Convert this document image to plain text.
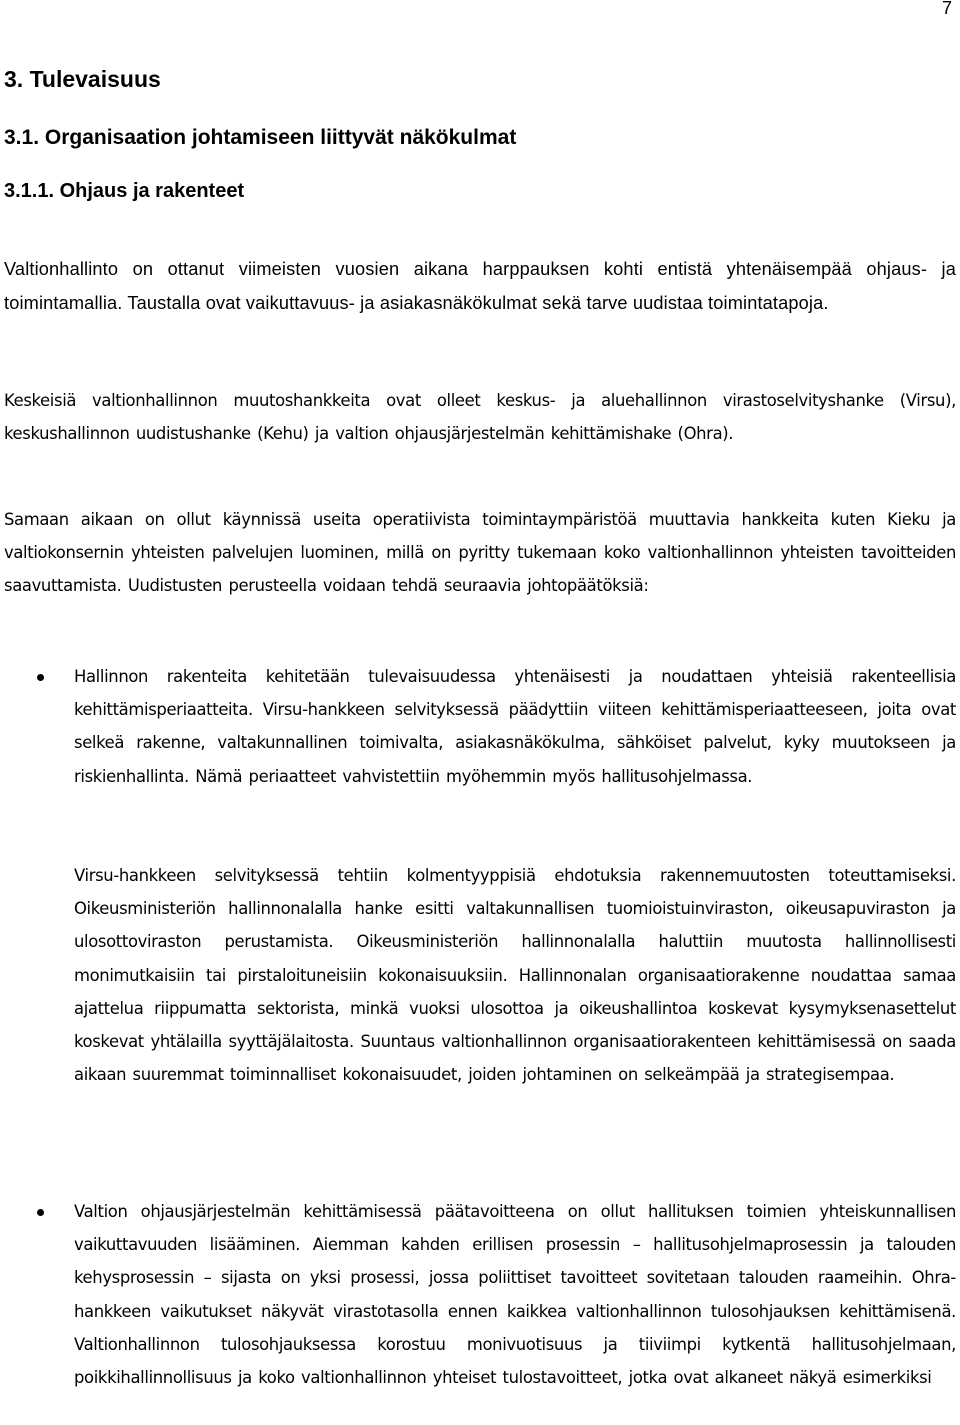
7
3. Tulevaisuus
3.1. Organisaation johtamiseen liittyvät näkökulmat
3.1.1. Ohjaus ja rakenteet

Valtionhallinto on ottanut viimeisten vuosien aikana harppauksen kohti entistä yhtenäisempää ohjaus- ja toimintamallia. Taustalla ovat vaikuttavuus- ja asiakasnäkökulmat sekä tarve uudistaa toimintatapoja.

Keskeisiä valtionhallinnon muutoshankkeita ovat olleet keskus- ja aluehallinnon virastoselvityshanke (Virsu), keskushallinnon uudistushanke (Kehu) ja valtion ohjausjärjestelmän kehittämishake (Ohra).

Samaan aikaan on ollut käynnissä useita operatiivista toimintaympäristöä muuttavia hankkeita kuten Kieku ja valtiokonsernin yhteisten palvelujen luominen, millä on pyritty tukemaan koko valtionhallinnon yhteisten tavoitteiden saavuttamista. Uudistusten perusteella voidaan tehdä seuraavia johtopäätöksiä:

Hallinnon rakenteita kehitetään tulevaisuudessa yhtenäisesti ja noudattaen yhteisiä rakenteellisia kehittämisperiaatteita. Virsu-hankkeen selvityksessä päädyttiin viiteen kehittämisperiaatteeseen, joita ovat selkeä rakenne, valtakunnallinen toimivalta, asiakasnäkökulma, sähköiset palvelut, kyky muutokseen ja riskienhallinta. Nämä periaatteet vahvistettiin myöhemmin myös hallitusohjelmassa.

Virsu-hankkeen selvityksessä tehtiin kolmentyyppisiä ehdotuksia rakennemuutosten toteuttamiseksi. Oikeusministeriön hallinnonalalla hanke esitti valtakunnallisen tuomioistuinviraston, oikeusapuviraston ja ulosottoviraston perustamista. Oikeusministeriön hallinnonalalla haluttiin muutosta hallinnollisesti monimutkaisiin tai pirstaloituneisiin kokonaisuuksiin. Hallinnonalan organisaatiorakenne noudattaa samaa ajattelua riippumatta sektorista, minkä vuoksi ulosottoa ja oikeushallintoa koskevat kysymyksenasettelut koskevat yhtälailla syyttäjälaitosta. Suuntaus valtionhallinnon organisaatiorakenteen kehittämisessä on saada aikaan suuremmat toiminnalliset kokonaisuudet, joiden johtaminen on selkeämpää ja strategisempaa.

Valtion ohjausjärjestelmän kehittämisessä päätavoitteena on ollut hallituksen toimien yhteiskunnallisen vaikuttavuuden lisääminen. Aiemman kahden erillisen prosessin – hallitusohjelmaprosessin ja talouden kehysprosessin – sijasta on yksi prosessi, jossa poliittiset tavoitteet sovitetaan talouden raameihin. Ohra-hankkeen vaikutukset näkyvät virastotasolla ennen kaikkea valtionhallinnon tulosohjauksen kehittämisenä. Valtionhallinnon tulosohjauksessa korostuu monivuotisuus ja tiiviimpi kytkentä hallitusohjelmaan, poikkihallinnollisuus ja koko valtionhallinnon yhteiset tulostavoitteet, jotka ovat alkaneet näkyä esimerkiksi
